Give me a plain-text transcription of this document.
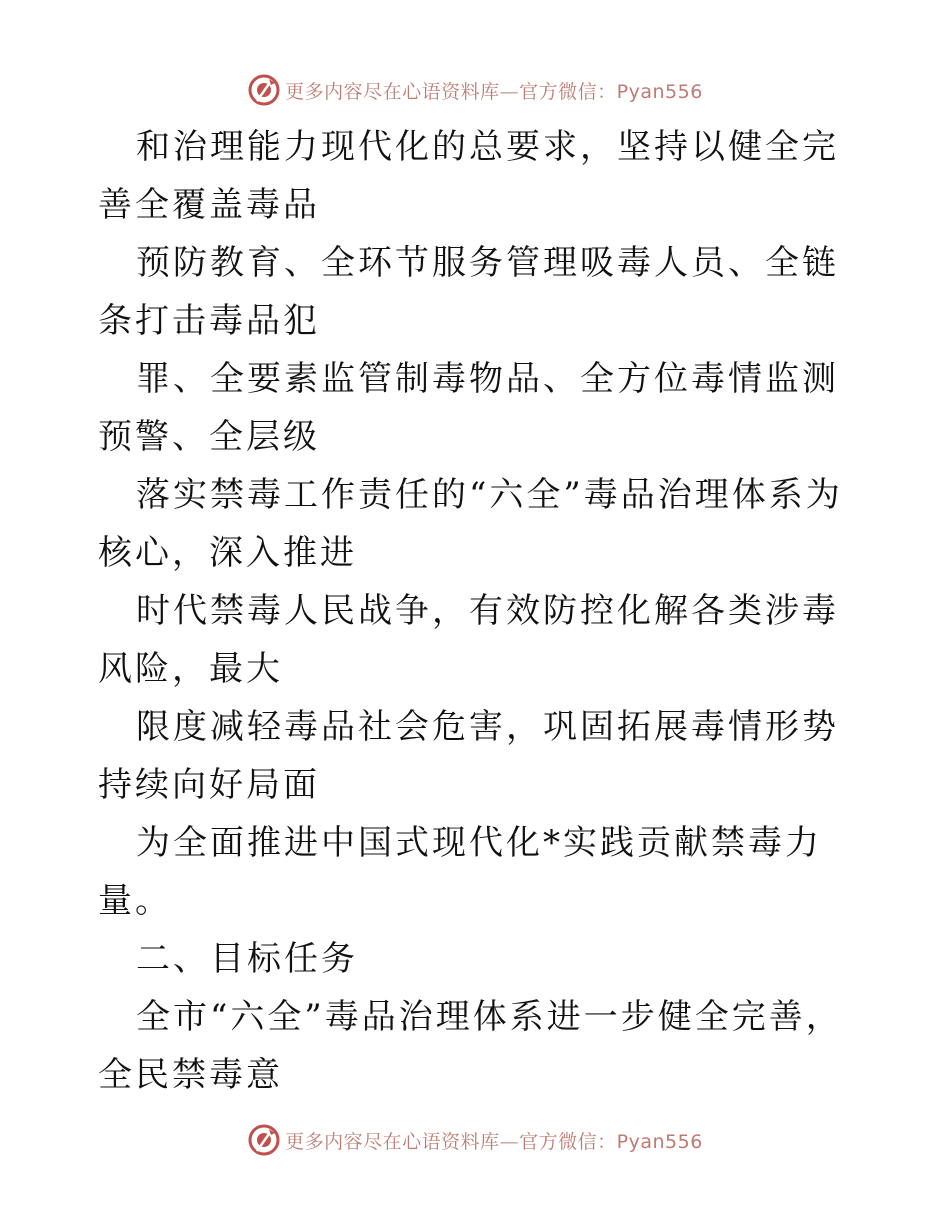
更多内容尽在心语资料库—官方微信：Pyan556

和治理能力现代化的总要求，坚持以健全完善全覆盖毒品

预防教育、全环节服务管理吸毒人员、全链条打击毒品犯

罪、全要素监管制毒物品、全方位毒情监测预警、全层级

落实禁毒工作责任的“六全”毒品治理体系为核心，深入推进

时代禁毒人民战争，有效防控化解各类涉毒风险，最大

限度减轻毒品社会危害，巩固拓展毒情形势持续向好局面

为全面推进中国式现代化*实践贡献禁毒力量。

二、目标任务

全市“六全”毒品治理体系进一步健全完善，全民禁毒意

更多内容尽在心语资料库—官方微信：Pyan556
